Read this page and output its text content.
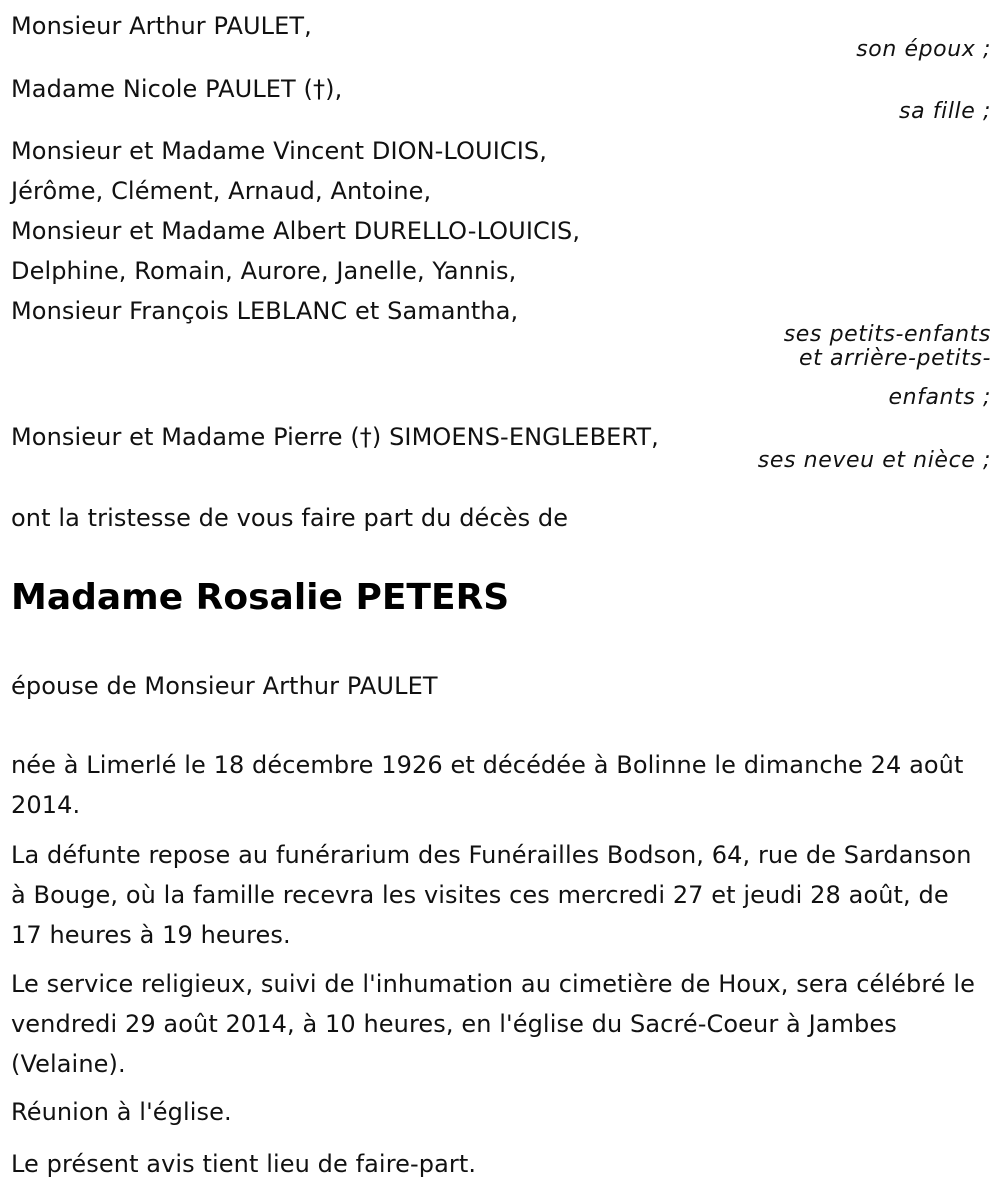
Monsieur Arthur PAULET,
son époux ;
Madame Nicole PAULET (†),
sa fille ;
Monsieur et Madame Vincent DION-LOUICIS,
Jérôme, Clément, Arnaud, Antoine,
Monsieur et Madame Albert DURELLO-LOUICIS,
Delphine, Romain, Aurore, Janelle, Yannis,
Monsieur François LEBLANC et Samantha,
ses petits-enfants
et arrière-petits-
enfants ;
Monsieur et Madame Pierre (†) SIMOENS-ENGLEBERT,
ses neveu et nièce ;
ont la tristesse de vous faire part du décès de
Madame Rosalie PETERS
épouse de Monsieur Arthur PAULET
née à Limerlé le 18 décembre 1926 et décédée à Bolinne le dimanche 24 août 2014.
La défunte repose au funérarium des Funérailles Bodson, 64, rue de Sardanson à Bouge, où la famille recevra les visites ces mercredi 27 et jeudi 28 août, de 17 heures à 19 heures.
Le service religieux, suivi de l'inhumation au cimetière de Houx, sera célébré le vendredi 29 août 2014, à 10 heures, en l'église du Sacré-Coeur à Jambes (Velaine).
Réunion à l'église.
Le présent avis tient lieu de faire-part.
